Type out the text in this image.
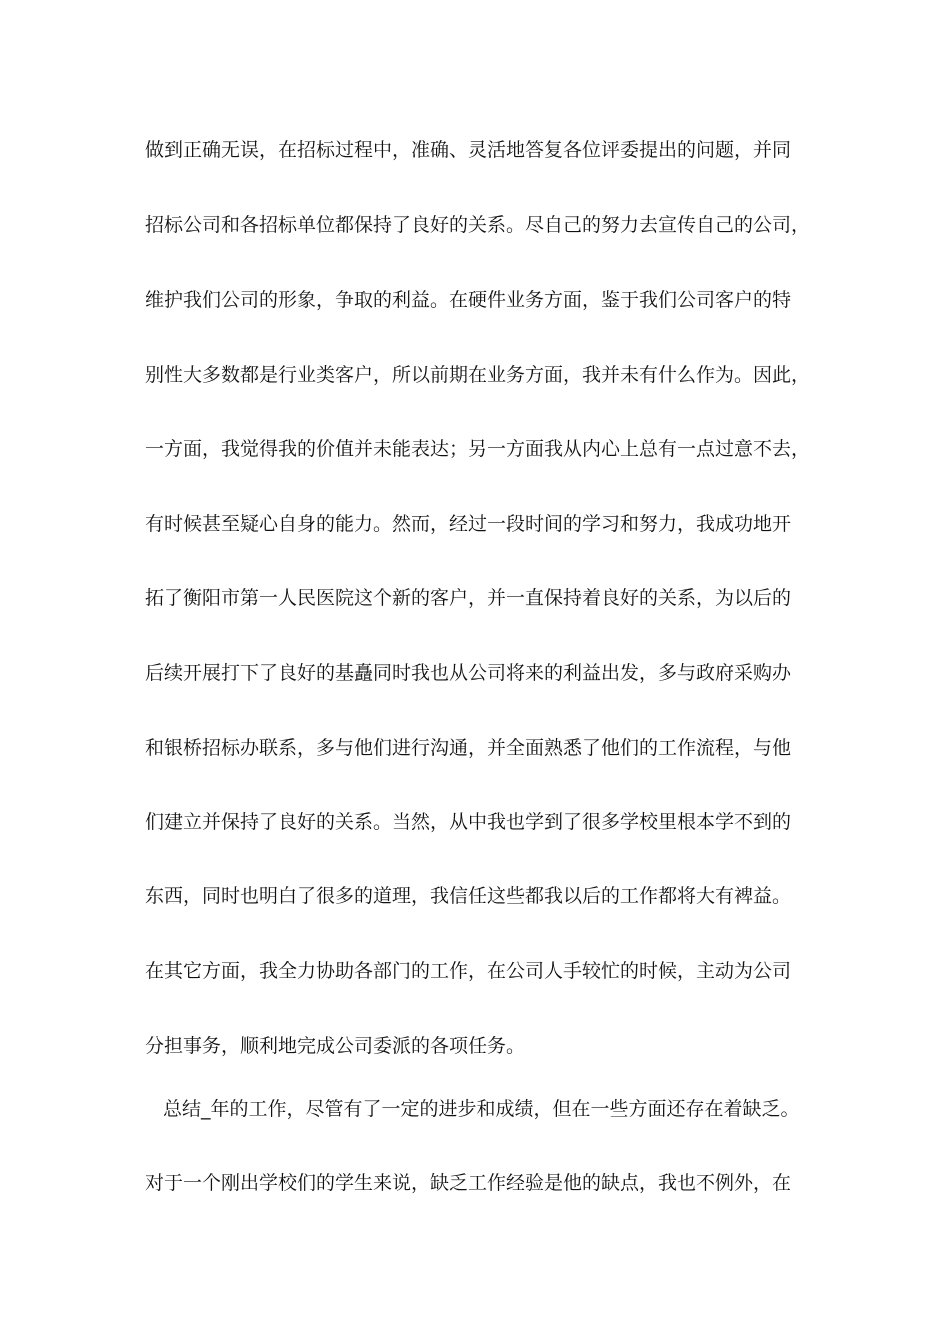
做到正确无误，在招标过程中，准确、灵活地答复各位评委提出的问题，并同
招标公司和各招标单位都保持了良好的关系。尽自己的努力去宣传自己的公司，
维护我们公司的形象，争取的利益。在硬件业务方面，鉴于我们公司客户的特
别性大多数都是行业类客户，所以前期在业务方面，我并未有什么作为。因此，
一方面，我觉得我的价值并未能表达；另一方面我从内心上总有一点过意不去，
有时候甚至疑心自身的能力。然而，经过一段时间的学习和努力，我成功地开
拓了衡阳市第一人民医院这个新的客户，并一直保持着良好的关系，为以后的
后续开展打下了良好的基矗同时我也从公司将来的利益出发，多与政府采购办
和银桥招标办联系，多与他们进行沟通，并全面熟悉了他们的工作流程，与他
们建立并保持了良好的关系。当然，从中我也学到了很多学校里根本学不到的
东西，同时也明白了很多的道理，我信任这些都我以后的工作都将大有裨益。
在其它方面，我全力协助各部门的工作，在公司人手较忙的时候，主动为公司
分担事务，顺利地完成公司委派的各项任务。
总结_年的工作，尽管有了一定的进步和成绩，但在一些方面还存在着缺乏。
对于一个刚出学校们的学生来说，缺乏工作经验是他的缺点，我也不例外，在
